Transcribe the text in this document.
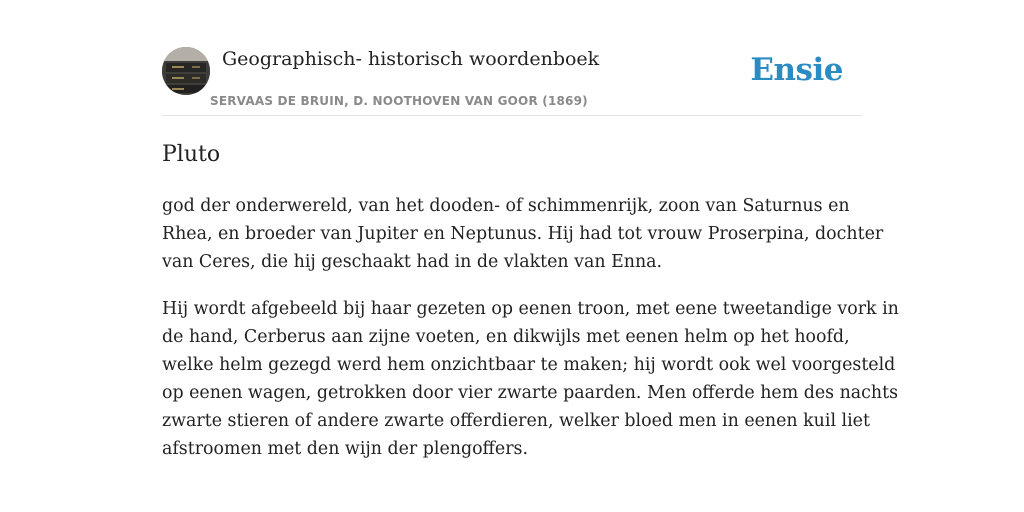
Geographisch- historisch woordenboek
SERVAAS DE BRUIN, D. NOOTHOVEN VAN GOOR (1869)
Ensie
Pluto

god der onderwereld, van het dooden- of schimmenrijk, zoon van Saturnus en
Rhea, en broeder van Jupiter en Neptunus. Hij had tot vrouw Proserpina, dochter
van Ceres, die hij geschaakt had in de vlakten van Enna.

Hij wordt afgebeeld bij haar gezeten op eenen troon, met eene tweetandige vork in
de hand, Cerberus aan zijne voeten, en dikwijls met eenen helm op het hoofd,
welke helm gezegd werd hem onzichtbaar te maken; hij wordt ook wel voorgesteld
op eenen wagen, getrokken door vier zwarte paarden. Men offerde hem des nachts
zwarte stieren of andere zwarte offerdieren, welker bloed men in eenen kuil liet
afstroomen met den wijn der plengoffers.
